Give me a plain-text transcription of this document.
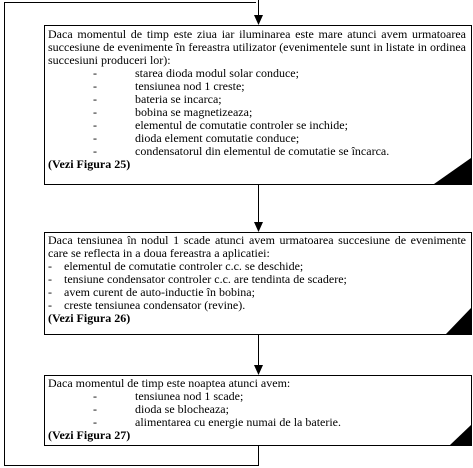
Daca momentul de timp este ziua iar iluminarea este mare atunci avem urmatoarea succesiune de evenimente în fereastra utilizator (evenimentele sunt in listate in ordinea succesiuni produceri lor):

-	starea dioda modul solar conduce;
-	tensiunea nod 1 creste;
-	bateria se incarca;
-	bobina se magnetizeaza;
-	elementul de comutatie controler se inchide;
-	dioda element comutatie conduce;
-	condensatorul din elementul de comutatie se încarca.
(Vezi Figura 25)

Daca tensiunea în nodul 1 scade atunci avem urmatoarea succesiune de evenimente care se reflecta in a doua fereastra a aplicatiei:

- elementul de comutatie controler c.c. se deschide;
- tensiune condensator controler c.c. are tendinta de scadere;
- avem curent de auto-inductie în bobina;
- creste tensiunea condensator (revine).
(Vezi Figura 26)

Daca momentul de timp este noaptea atunci avem:

-	tensiunea nod 1 scade;
-	dioda se blocheaza;
-	alimentarea cu energie numai de la baterie.
(Vezi Figura 27)
